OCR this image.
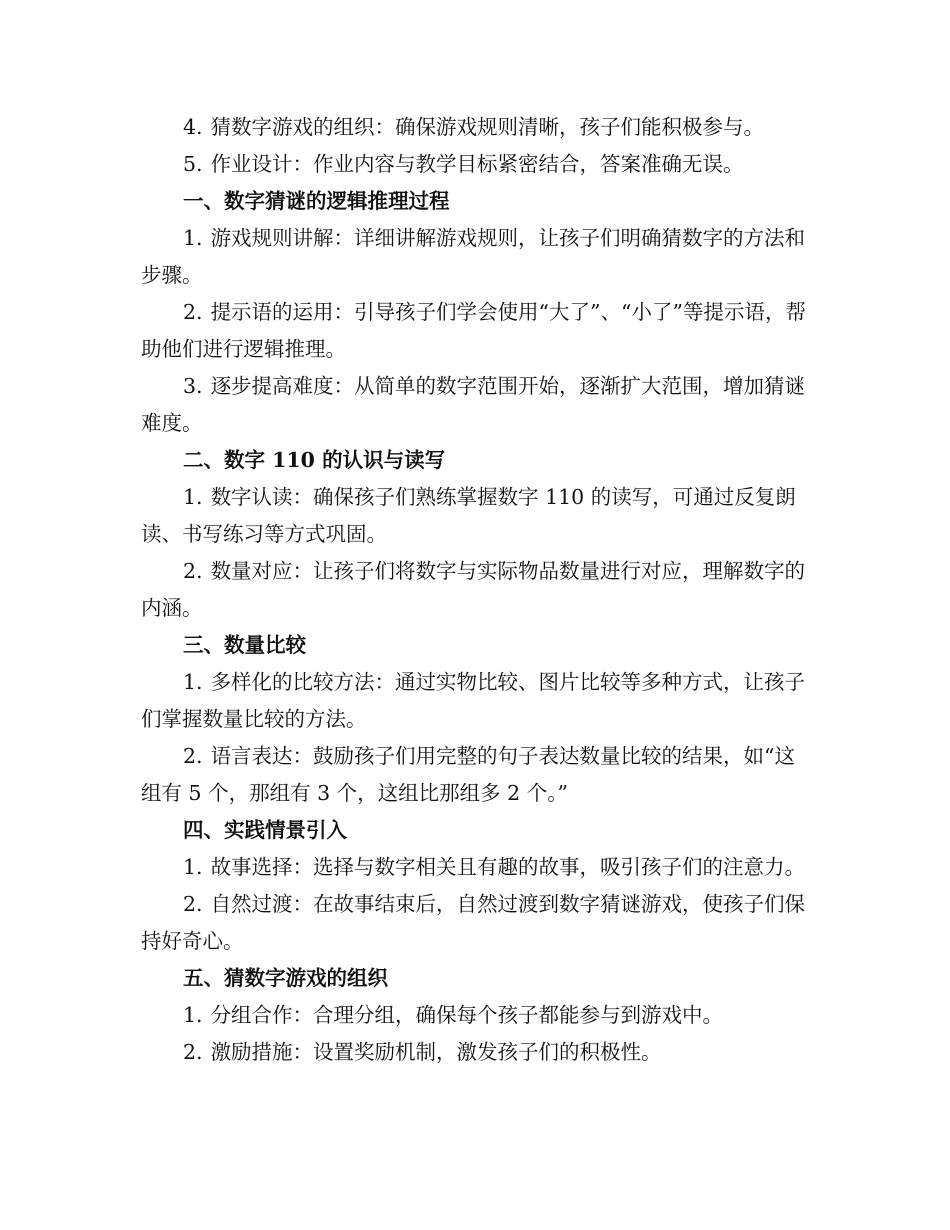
4. 猜数字游戏的组织：确保游戏规则清晰，孩子们能积极参与。

5. 作业设计：作业内容与教学目标紧密结合，答案准确无误。

一、数字猜谜的逻辑推理过程

1. 游戏规则讲解：详细讲解游戏规则，让孩子们明确猜数字的方法和步骤。

2. 提示语的运用：引导孩子们学会使用“大了”、“小了”等提示语，帮助他们进行逻辑推理。

3. 逐步提高难度：从简单的数字范围开始，逐渐扩大范围，增加猜谜难度。

二、数字 110 的认识与读写

1. 数字认读：确保孩子们熟练掌握数字 110 的读写，可通过反复朗读、书写练习等方式巩固。

2. 数量对应：让孩子们将数字与实际物品数量进行对应，理解数字的内涵。

三、数量比较

1. 多样化的比较方法：通过实物比较、图片比较等多种方式，让孩子们掌握数量比较的方法。

2. 语言表达：鼓励孩子们用完整的句子表达数量比较的结果，如“这组有 5 个，那组有 3 个，这组比那组多 2 个。”

四、实践情景引入

1. 故事选择：选择与数字相关且有趣的故事，吸引孩子们的注意力。

2. 自然过渡：在故事结束后，自然过渡到数字猜谜游戏，使孩子们保持好奇心。

五、猜数字游戏的组织

1. 分组合作：合理分组，确保每个孩子都能参与到游戏中。

2. 激励措施：设置奖励机制，激发孩子们的积极性。
